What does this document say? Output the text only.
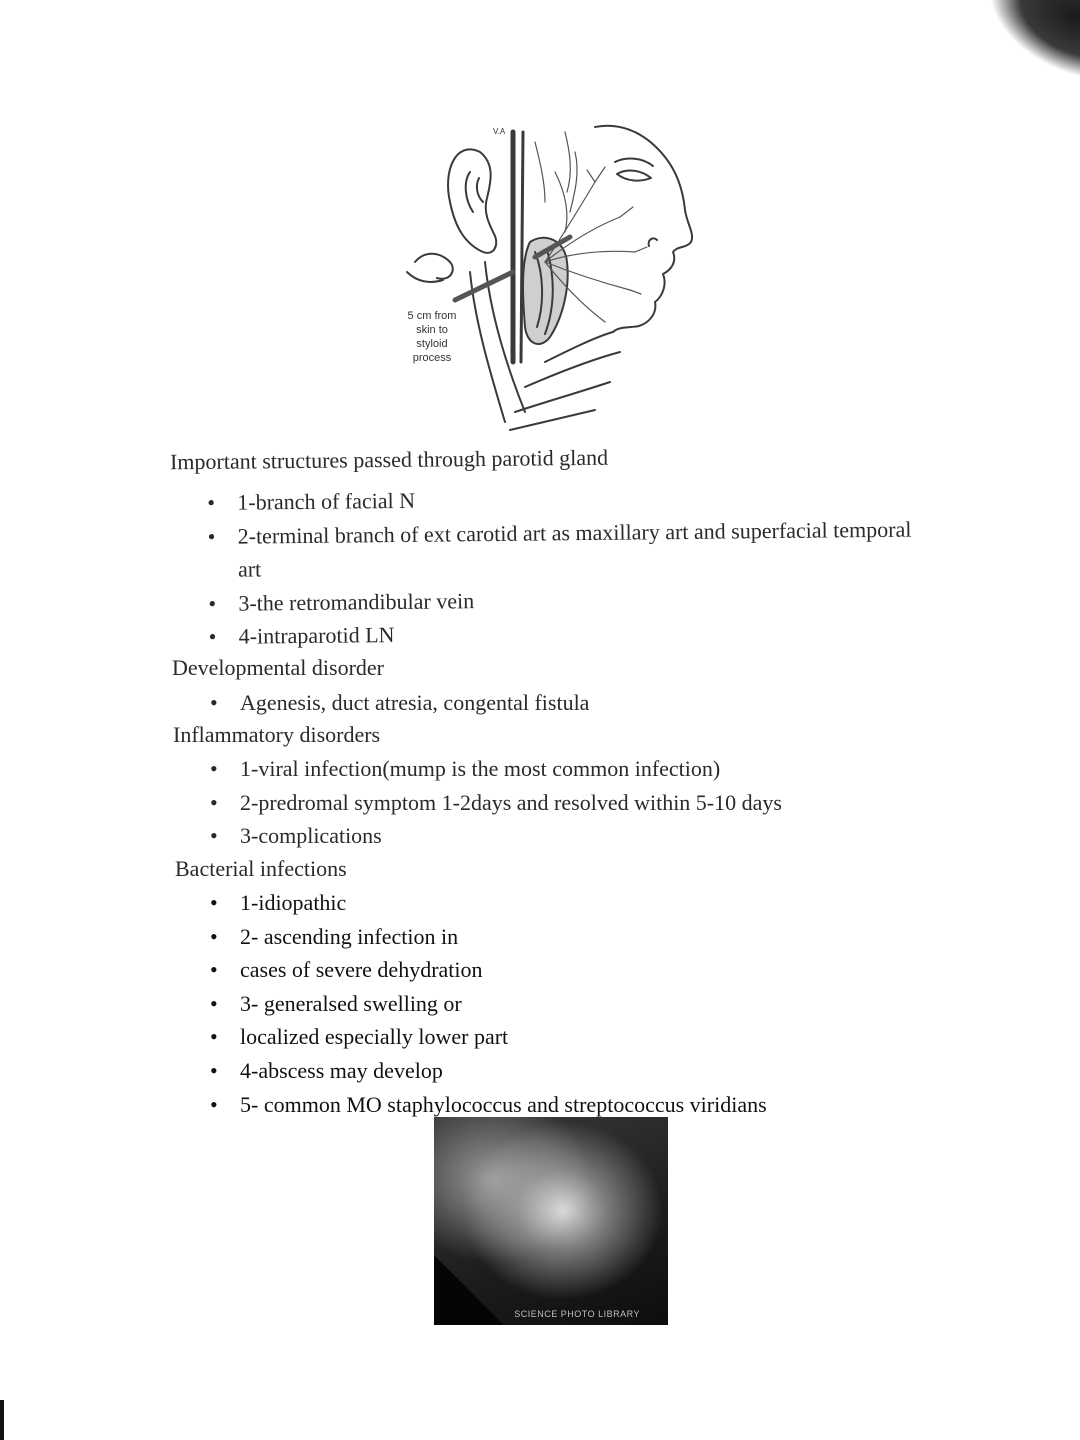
V.A
5 cm from
skin to
styloid
process
Important structures passed through parotid gland
• 1-branch of facial N
• 2-terminal branch of ext carotid art as maxillary art and superfacial temporal art
• 3-the retromandibular vein
• 4-intraparotid LN
Developmental disorder
• Agenesis, duct atresia, congental fistula
Inflammatory disorders
• 1-viral infection(mump is the most common infection)
• 2-predromal symptom 1-2days and resolved within 5-10 days
• 3-complications
Bacterial infections
• 1-idiopathic
• 2- ascending infection in
• cases of severe dehydration
• 3- generalsed swelling or
• localized especially lower part
• 4-abscess may develop
• 5- common MO staphylococcus and streptococcus viridians
SCIENCE PHOTO LIBRARY
